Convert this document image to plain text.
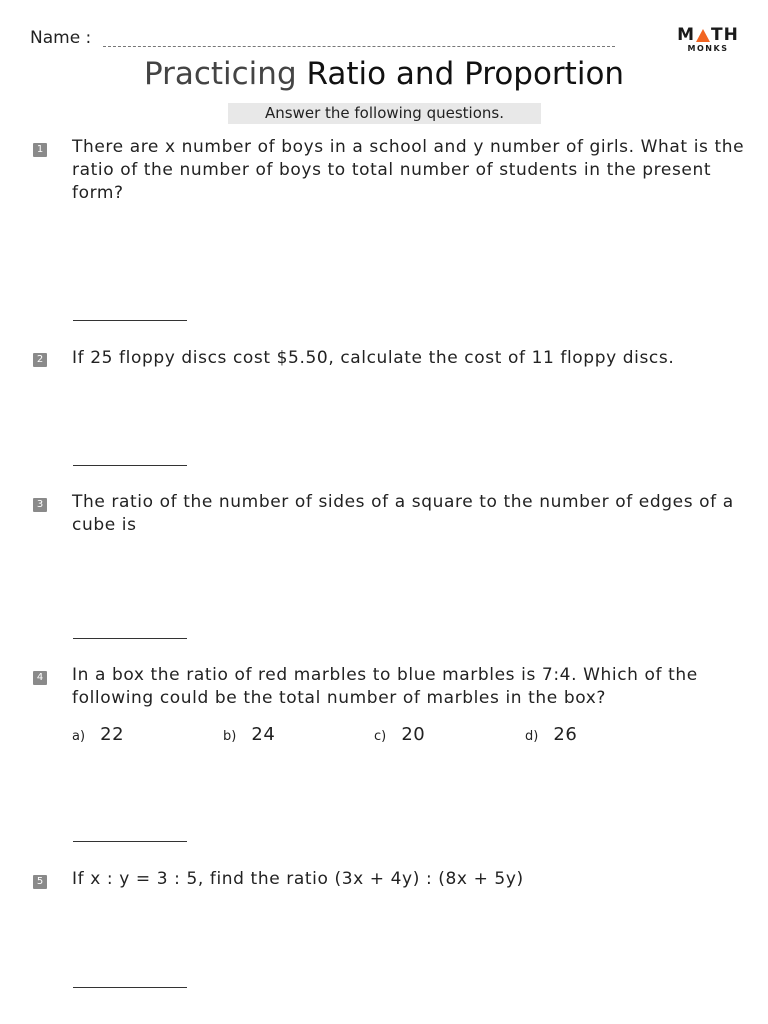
Name :	M TH
MONKS
Practicing Ratio and Proportion
Answer the following questions.
1 There are x number of boys in a school and y number of girls. What is the ratio of the number of boys to total number of students in the present form?
2 If 25 floppy discs cost $5.50, calculate the cost of 11 floppy discs.
3 The ratio of the number of sides of a square to the number of edges of a cube is
4 In a box the ratio of red marbles to blue marbles is 7:4. Which of the following could be the total number of marbles in the box?
a) 22	b) 24	c) 20	d) 26
5 If x : y = 3 : 5, find the ratio (3x + 4y) : (8x + 5y)
